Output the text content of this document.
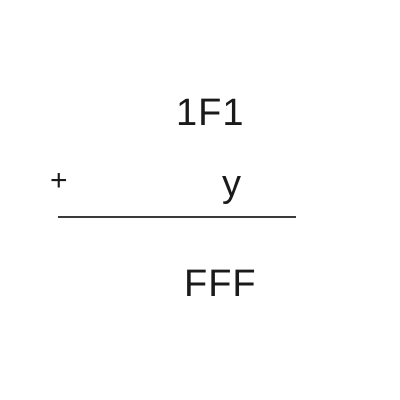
1F1
+	y
FFF
